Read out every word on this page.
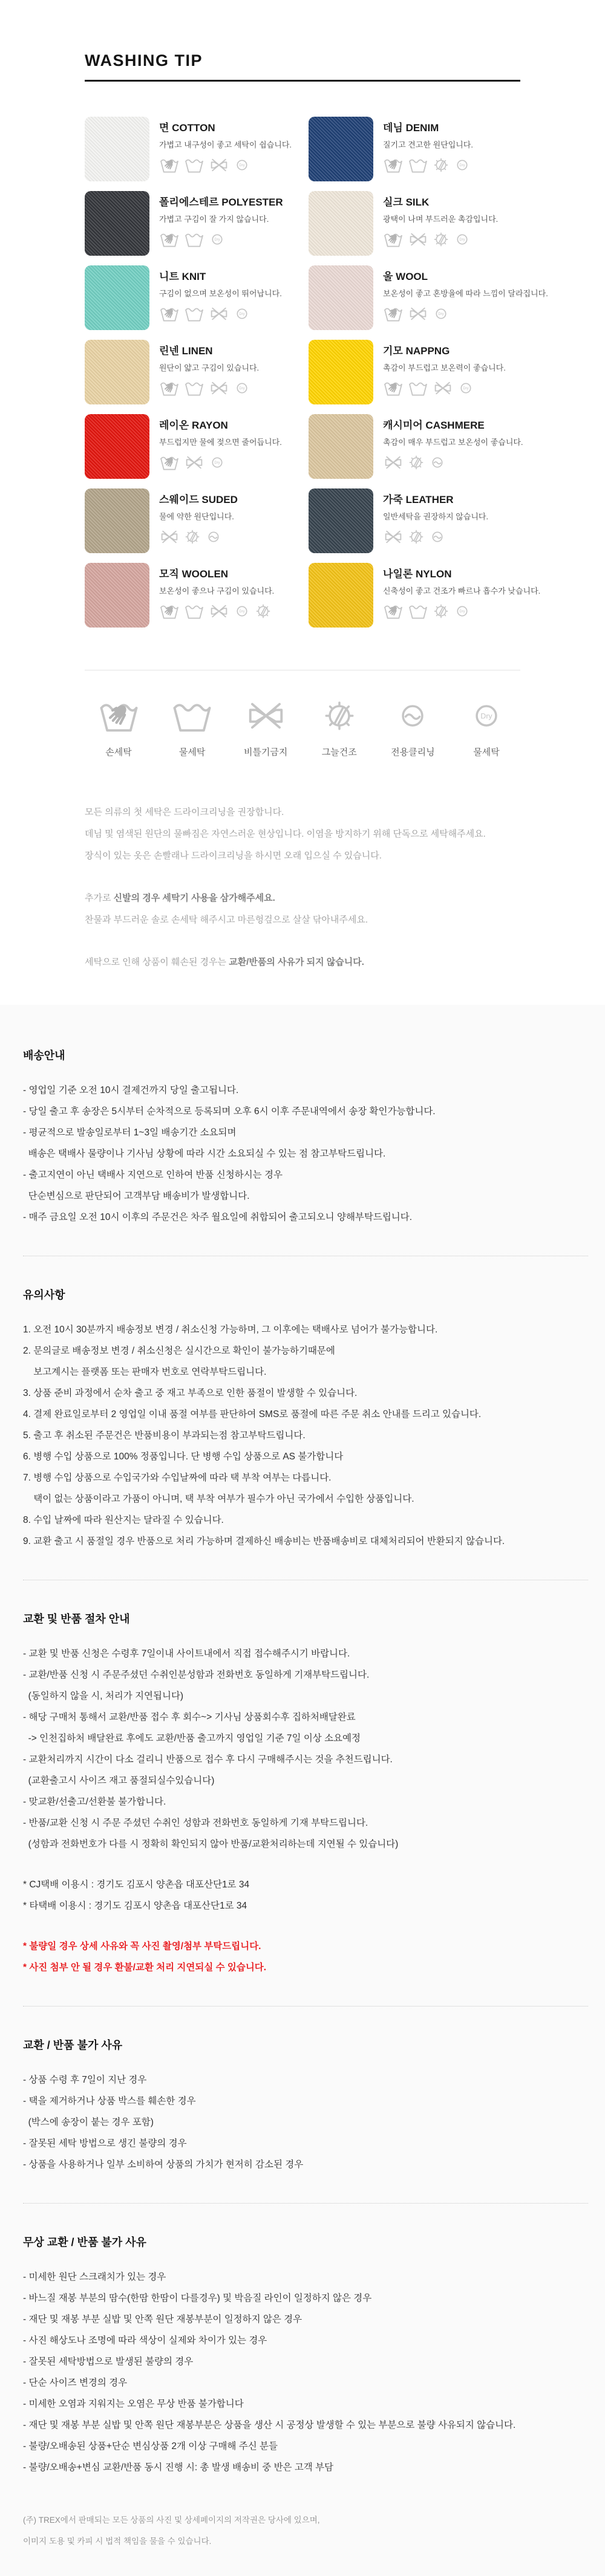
WASHING TIP
면 COTTON
가볍고 내구성이 좋고 세탁이 쉽습니다.
Dry
데님 DENIM
질기고 견고한 원단입니다.
Dry
폴리에스테르 POLYESTER
가볍고 구김이 잘 가지 않습니다.
Dry
실크 SILK
광택이 나며 부드러운 촉감입니다.
Dry
니트 KNIT
구김이 없으며 보온성이 뛰어납니다.
Dry
울 WOOL
보온성이 좋고 혼방율에 따라 느낌이 달라집니다.
Dry
린넨 LINEN
원단이 얇고 구김이 있습니다.
Dry
기모 NAPPNG
촉감이 부드럽고 보온력이 좋습니다.
Dry
레이온 RAYON
부드럽지만 물에 젖으면 줄어듭니다.
Dry
캐시미어 CASHMERE
촉감이 매우 부드럽고 보온성이 좋습니다.
스웨이드 SUDED
물에 약한 원단입니다.
가죽 LEATHER
일반세탁을 권장하지 않습니다.
모직 WOOLEN
보온성이 좋으나 구김이 있습니다.
Dry
나일론 NYLON
신축성이 좋고 건조가 빠르나 흡수가 낮습니다.
Dry
손세탁	물세탁	비틀기금지	그늘건조	전용클리닝
Dry
물세탁
모든 의류의 첫 세탁은 드라이크리닝을 권장합니다.
데님 및 염색된 원단의 물빠짐은 자연스러운 현상입니다. 이염을 방지하기 위해 단독으로 세탁해주세요.
장식이 있는 옷은 손빨래나 드라이크리닝을 하시면 오래 입으실 수 있습니다.
추가로 신발의 경우 세탁기 사용을 삼가해주세요.
찬물과 부드러운 솔로 손세탁 해주시고 마른헝겊으로 살살 닦아내주세요.
세탁으로 인해 상품이 훼손된 경우는 교환/반품의 사유가 되지 않습니다.
배송안내
- 영업일 기준 오전 10시 결제건까지 당일 출고됩니다.
- 당일 출고 후 송장은 5시부터 순차적으로 등록되며 오후 6시 이후 주문내역에서 송장 확인가능합니다.
- 평균적으로 발송일로부터 1~3일 배송기간 소요되며
배송은 택배사 물량이나 기사님 상황에 따라 시간 소요되실 수 있는 점 참고부탁드립니다.
- 출고지연이 아닌 택배사 지연으로 인하여 반품 신청하시는 경우
단순변심으로 판단되어 고객부담 배송비가 발생합니다.
- 매주 금요일 오전 10시 이후의 주문건은 차주 월요일에 취합되어 출고되오니 양해부탁드립니다.
유의사항
1. 오전 10시 30분까지 배송정보 변경 / 취소신청 가능하며, 그 이후에는 택배사로 넘어가 불가능합니다.
2. 문의글로 배송정보 변경 / 취소신청은 실시간으로 확인이 불가능하기때문에
보고계시는 플랫폼 또는 판매자 번호로 연락부탁드립니다.
3. 상품 준비 과정에서 순차 출고 중 재고 부족으로 인한 품절이 발생할 수 있습니다.
4. 결제 완료일로부터 2 영업일 이내 품절 여부를 판단하여 SMS로 품절에 따른 주문 취소 안내를 드리고 있습니다.
5. 출고 후 취소된 주문건은 반품비용이 부과되는점 참고부탁드립니다.
6. 병행 수입 상품으로 100% 정품입니다. 단 병행 수입 상품으로 AS 불가합니다
7. 병행 수입 상품으로 수입국가와 수입날짜에 따라 택 부착 여부는 다릅니다.
택이 없는 상품이라고 가품이 아니며, 택 부착 여부가 필수가 아닌 국가에서 수입한 상품입니다.
8. 수입 날짜에 따라 원산지는 달라질 수 있습니다.
9. 교환 출고 시 품절일 경우 반품으로 처리 가능하며 결제하신 배송비는 반품배송비로 대체처리되어 반환되지 않습니다.
교환 및 반품 절차 안내
- 교환 및 반품 신청은 수령후 7일이내 사이트내에서 직접 접수해주시기 바랍니다.
- 교환/반품 신청 시 주문주셨던 수취인분성함과 전화번호 동일하게 기재부탁드립니다.
(동일하지 않을 시, 처리가 지연됩니다)
- 해당 구매처 통해서 교환/반품 접수 후 회수~> 기사님 상품회수후 집하처배달완료
-> 인천집하처 배달완료 후에도 교환/반품 출고까지 영업일 기준 7일 이상 소요예정
- 교환처리까지 시간이 다소 걸리니 반품으로 접수 후 다시 구매해주시는 것을 추천드립니다.
(교환출고시 사이즈 재고 품절되실수있습니다)
- 맞교환/선출고/선환불 불가합니다.
- 반품/교환 신청 시 주문 주셨던 수취인 성함과 전화번호 동일하게 기재 부탁드립니다.
(성함과 전화번호가 다를 시 정확히 확인되지 않아 반품/교환처리하는데 지연될 수 있습니다)
* CJ택배 이용시 : 경기도 김포시 양촌읍 대포산단1로 34
* 타택배 이용시 : 경기도 김포시 양촌읍 대포산단1로 34
* 불량일 경우 상세 사유와 꼭 사진 촬영/첨부 부탁드립니다.
* 사진 첨부 안 될 경우 환불/교환 처리 지연되실 수 있습니다.
교환 / 반품 불가 사유
- 상품 수령 후 7일이 지난 경우
- 택을 제거하거나 상품 박스를 훼손한 경우
(박스에 송장이 붙는 경우 포함)
- 잘못된 세탁 방법으로 생긴 불량의 경우
- 상품을 사용하거나 일부 소비하여 상품의 가치가 현저히 감소된 경우
무상 교환 / 반품 불가 사유
- 미세한 원단 스크래치가 있는 경우
- 바느질 재봉 부분의 땀수(한땀 한땀이 다를경우) 및 박음질 라인이 일정하지 않은 경우
- 재단 및 재봉 부분 실밥 및 안쪽 원단 재봉부분이 일정하지 않은 경우
- 사진 해상도나 조명에 따라 색상이 실제와 차이가 있는 경우
- 잘못된 세탁방법으로 발생된 불량의 경우
- 단순 사이즈 변경의 경우
- 미세한 오염과 지워지는 오염은 무상 반품 불가합니다
- 재단 및 재봉 부분 실밥 및 안쪽 원단 재봉부분은 상품을 생산 시 공정상 발생할 수 있는 부분으로 불량 사유되지 않습니다.
- 불량/오배송된 상품+단순 변심상품 2개 이상 구매해 주신 분들
- 불량/오배송+변심 교환/반품 동시 진행 시: 총 발생 배송비 중 반은 고객 부담
(주) TREX에서 판매되는 모든 상품의 사진 및 상세페이지의 저작권은 당사에 있으며,
이미지 도용 및 카피 시 법적 책임을 물을 수 있습니다.
